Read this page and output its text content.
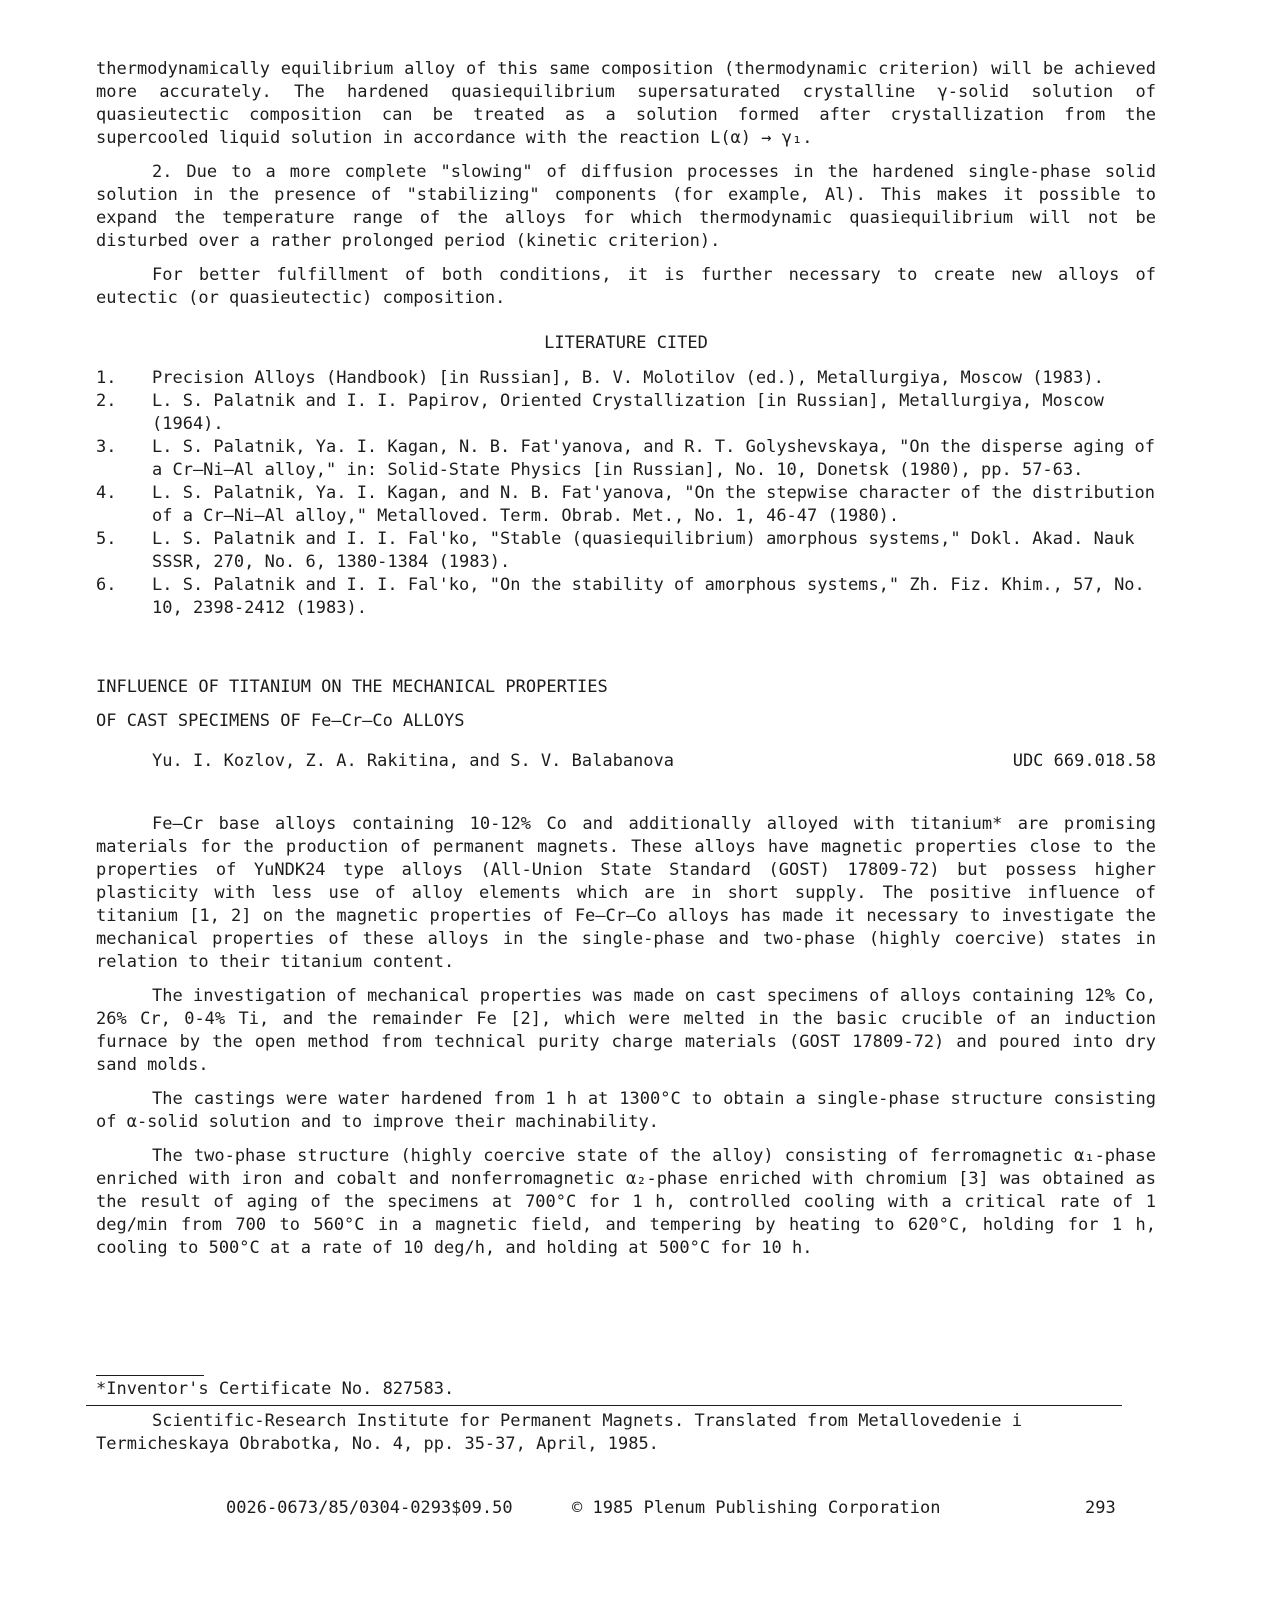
thermodynamically equilibrium alloy of this same composition (thermodynamic criterion) will be achieved more accurately. The hardened quasiequilibrium supersaturated crystalline γ-solid solution of quasieutectic composition can be treated as a solution formed after crystallization from the supercooled liquid solution in accordance with the reaction L(α) → γ₁.

2. Due to a more complete "slowing" of diffusion processes in the hardened single-phase solid solution in the presence of "stabilizing" components (for example, Al). This makes it possible to expand the temperature range of the alloys for which thermodynamic quasiequilibrium will not be disturbed over a rather prolonged period (kinetic criterion).

For better fulfillment of both conditions, it is further necessary to create new alloys of eutectic (or quasieutectic) composition.

LITERATURE CITED

1. Precision Alloys (Handbook) [in Russian], B. V. Molotilov (ed.), Metallurgiya, Moscow (1983).
2. L. S. Palatnik and I. I. Papirov, Oriented Crystallization [in Russian], Metallurgiya, Moscow (1964).
3. L. S. Palatnik, Ya. I. Kagan, N. B. Fat'yanova, and R. T. Golyshevskaya, "On the disperse aging of a Cr—Ni—Al alloy," in: Solid-State Physics [in Russian], No. 10, Donetsk (1980), pp. 57-63.
4. L. S. Palatnik, Ya. I. Kagan, and N. B. Fat'yanova, "On the stepwise character of the distribution of a Cr—Ni—Al alloy," Metalloved. Term. Obrab. Met., No. 1, 46-47 (1980).
5. L. S. Palatnik and I. I. Fal'ko, "Stable (quasiequilibrium) amorphous systems," Dokl. Akad. Nauk SSSR, 270, No. 6, 1380-1384 (1983).
6. L. S. Palatnik and I. I. Fal'ko, "On the stability of amorphous systems," Zh. Fiz. Khim., 57, No. 10, 2398-2412 (1983).
INFLUENCE OF TITANIUM ON THE MECHANICAL PROPERTIES
OF CAST SPECIMENS OF Fe—Cr—Co ALLOYS
Yu. I. Kozlov, Z. A. Rakitina, and S. V. Balabanova	UDC 669.018.58

Fe—Cr base alloys containing 10-12% Co and additionally alloyed with titanium* are promising materials for the production of permanent magnets. These alloys have magnetic properties close to the properties of YuNDK24 type alloys (All-Union State Standard (GOST) 17809-72) but possess higher plasticity with less use of alloy elements which are in short supply. The positive influence of titanium [1, 2] on the magnetic properties of Fe—Cr—Co alloys has made it necessary to investigate the mechanical properties of these alloys in the single-phase and two-phase (highly coercive) states in relation to their titanium content.

The investigation of mechanical properties was made on cast specimens of alloys containing 12% Co, 26% Cr, 0-4% Ti, and the remainder Fe [2], which were melted in the basic crucible of an induction furnace by the open method from technical purity charge materials (GOST 17809-72) and poured into dry sand molds.

The castings were water hardened from 1 h at 1300°C to obtain a single-phase structure consisting of α-solid solution and to improve their machinability.

The two-phase structure (highly coercive state of the alloy) consisting of ferromagnetic α₁-phase enriched with iron and cobalt and nonferromagnetic α₂-phase enriched with chromium [3] was obtained as the result of aging of the specimens at 700°C for 1 h, controlled cooling with a critical rate of 1 deg/min from 700 to 560°C in a magnetic field, and tempering by heating to 620°C, holding for 1 h, cooling to 500°C at a rate of 10 deg/h, and holding at 500°C for 10 h.

*Inventor's Certificate No. 827583.
Scientific-Research Institute for Permanent Magnets. Translated from Metallovedenie i
Termicheskaya Obrabotka, No. 4, pp. 35-37, April, 1985.
0026-0673/85/0304-0293$09.50	© 1985 Plenum Publishing Corporation	293
